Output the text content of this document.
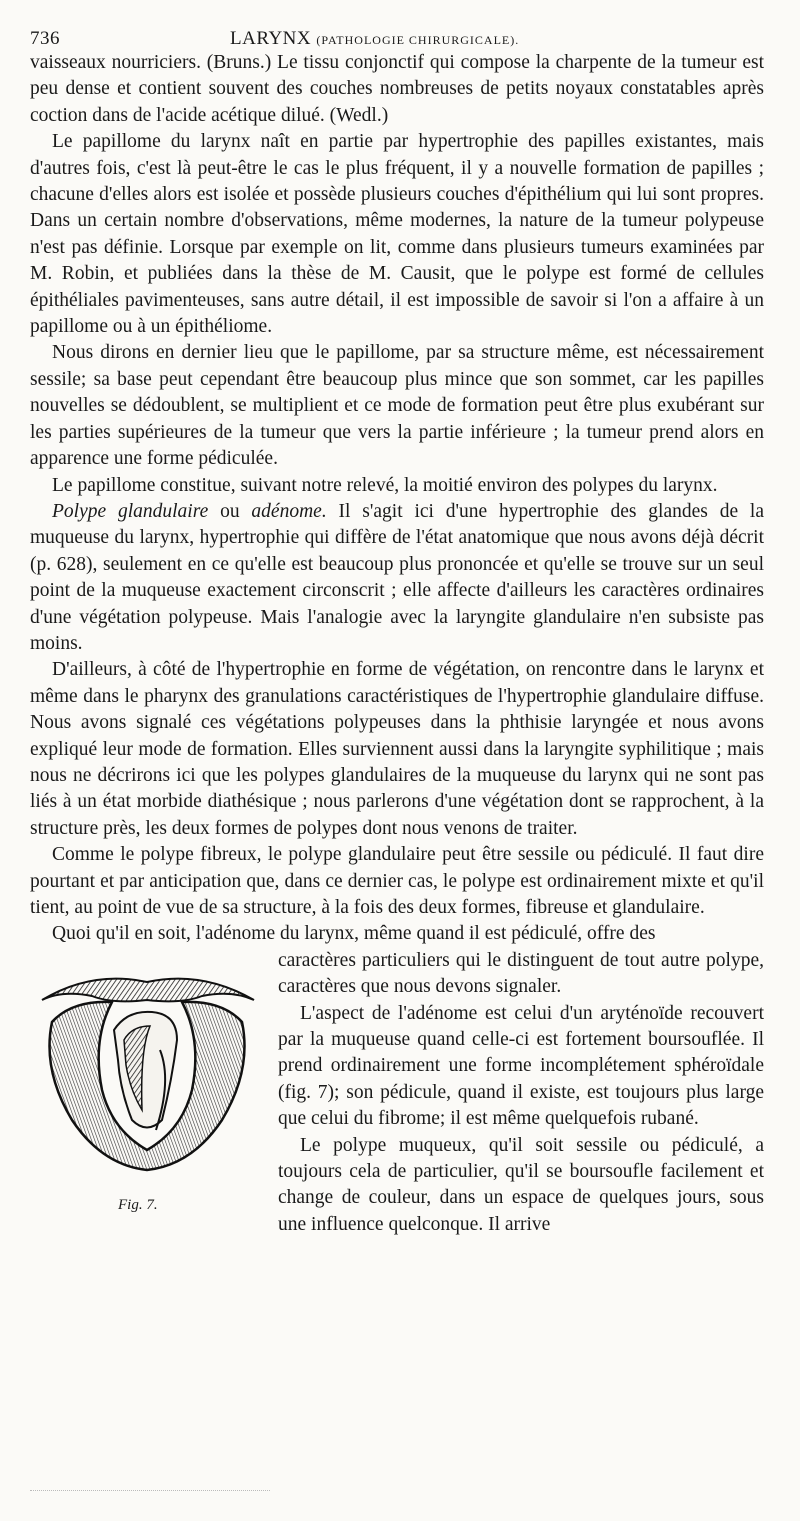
736	LARYNX (PATHOLOGIE CHIRURGICALE).

vaisseaux nourriciers. (Bruns.) Le tissu conjonctif qui compose la charpente de la tumeur est peu dense et contient souvent des couches nombreuses de petits noyaux constatables après coction dans de l'acide acétique dilué. (Wedl.)

Le papillome du larynx naît en partie par hypertrophie des papilles existantes, mais d'autres fois, c'est là peut-être le cas le plus fréquent, il y a nouvelle formation de papilles ; chacune d'elles alors est isolée et possède plusieurs couches d'épithélium qui lui sont propres. Dans un certain nombre d'observations, même modernes, la nature de la tumeur polypeuse n'est pas définie. Lorsque par exemple on lit, comme dans plusieurs tumeurs examinées par M. Robin, et publiées dans la thèse de M. Causit, que le polype est formé de cellules épithéliales pavimenteuses, sans autre détail, il est impossible de savoir si l'on a affaire à un papillome ou à un épithéliome.

Nous dirons en dernier lieu que le papillome, par sa structure même, est nécessairement sessile; sa base peut cependant être beaucoup plus mince que son sommet, car les papilles nouvelles se dédoublent, se multiplient et ce mode de formation peut être plus exubérant sur les parties supérieures de la tumeur que vers la partie inférieure ; la tumeur prend alors en apparence une forme pédiculée.

Le papillome constitue, suivant notre relevé, la moitié environ des polypes du larynx.

Polype glandulaire ou adénome. Il s'agit ici d'une hypertrophie des glandes de la muqueuse du larynx, hypertrophie qui diffère de l'état anatomique que nous avons déjà décrit (p. 628), seulement en ce qu'elle est beaucoup plus prononcée et qu'elle se trouve sur un seul point de la muqueuse exactement circonscrit ; elle affecte d'ailleurs les caractères ordinaires d'une végétation polypeuse. Mais l'analogie avec la laryngite glandulaire n'en subsiste pas moins.

D'ailleurs, à côté de l'hypertrophie en forme de végétation, on rencontre dans le larynx et même dans le pharynx des granulations caractéristiques de l'hypertrophie glandulaire diffuse. Nous avons signalé ces végétations polypeuses dans la phthisie laryngée et nous avons expliqué leur mode de formation. Elles surviennent aussi dans la laryngite syphilitique ; mais nous ne décrirons ici que les polypes glandulaires de la muqueuse du larynx qui ne sont pas liés à un état morbide diathésique ; nous parlerons d'une végétation dont se rapprochent, à la structure près, les deux formes de polypes dont nous venons de traiter.

Comme le polype fibreux, le polype glandulaire peut être sessile ou pédiculé. Il faut dire pourtant et par anticipation que, dans ce dernier cas, le polype est ordinairement mixte et qu'il tient, au point de vue de sa structure, à la fois des deux formes, fibreuse et glandulaire.

Quoi qu'il en soit, l'adénome du larynx, même quand il est pédiculé, offre des

Fig. 7.

caractères particuliers qui le distinguent de tout autre polype, caractères que nous devons signaler.

L'aspect de l'adénome est celui d'un aryténoïde recouvert par la muqueuse quand celle-ci est fortement boursouflée. Il prend ordinairement une forme incomplétement sphéroïdale (fig. 7); son pédicule, quand il existe, est toujours plus large que celui du fibrome; il est même quelquefois rubané.

Le polype muqueux, qu'il soit sessile ou pédiculé, a toujours cela de particulier, qu'il se boursoufle facilement et change de couleur, dans un espace de quelques jours, sous une influence quelconque. Il arrive
